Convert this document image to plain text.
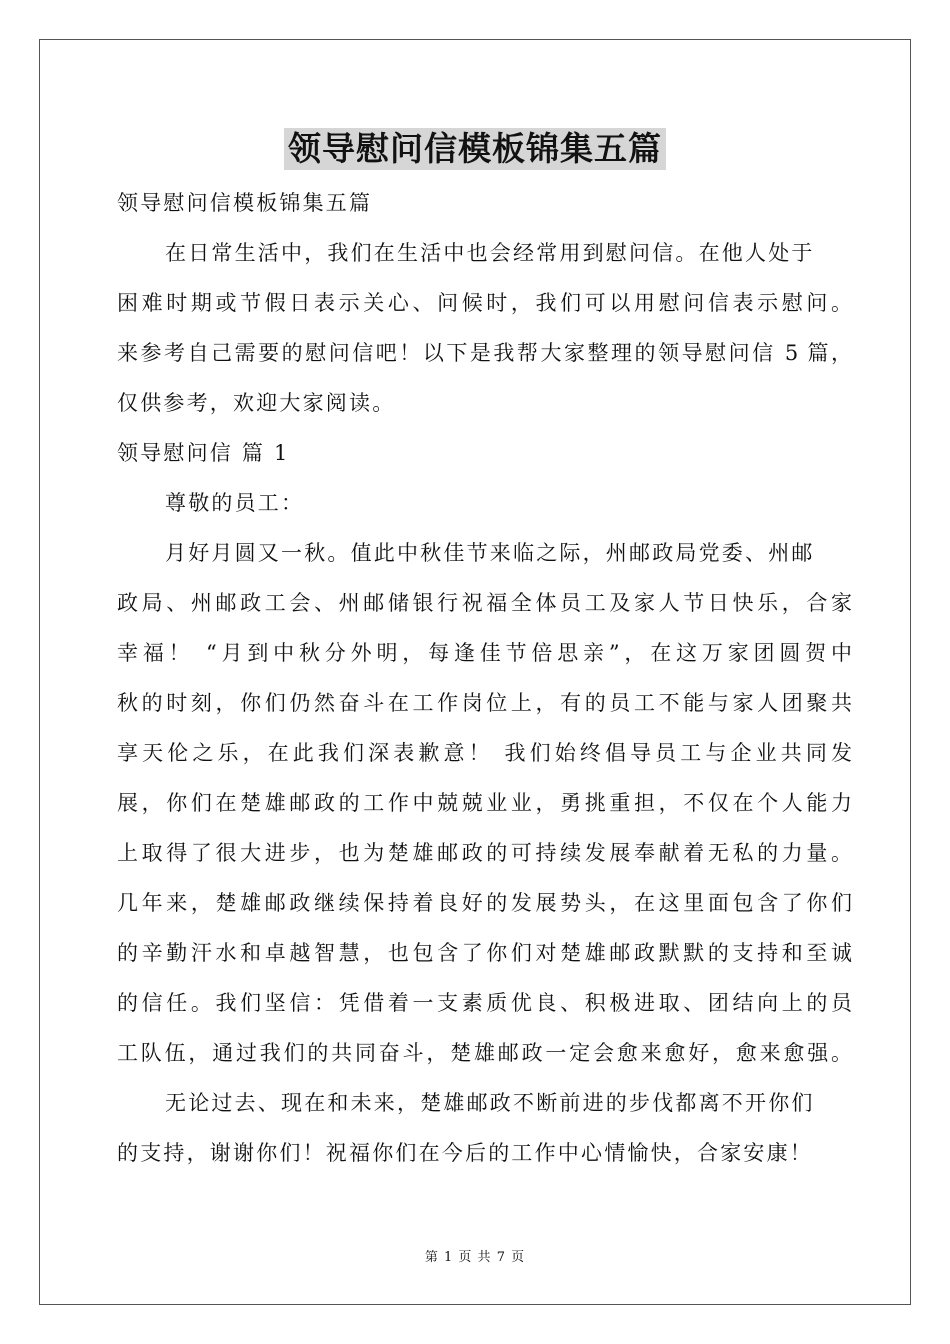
领导慰问信模板锦集五篇
领导慰问信模板锦集五篇
在日常生活中，我们在生活中也会经常用到慰问信。在他人处于
困难时期或节假日表示关心、问候时，我们可以用慰问信表示慰问。
来参考自己需要的慰问信吧！以下是我帮大家整理的领导慰问信 5 篇，
仅供参考，欢迎大家阅读。
领导慰问信 篇 1
尊敬的员工：
月好月圆又一秋。值此中秋佳节来临之际，州邮政局党委、州邮
政局、州邮政工会、州邮储银行祝福全体员工及家人节日快乐，合家
幸福！ “月到中秋分外明，每逢佳节倍思亲”，在这万家团圆贺中
秋的时刻，你们仍然奋斗在工作岗位上，有的员工不能与家人团聚共
享天伦之乐，在此我们深表歉意！ 我们始终倡导员工与企业共同发
展，你们在楚雄邮政的工作中兢兢业业，勇挑重担，不仅在个人能力
上取得了很大进步，也为楚雄邮政的可持续发展奉献着无私的力量。
几年来，楚雄邮政继续保持着良好的发展势头，在这里面包含了你们
的辛勤汗水和卓越智慧，也包含了你们对楚雄邮政默默的支持和至诚
的信任。我们坚信：凭借着一支素质优良、积极进取、团结向上的员
工队伍，通过我们的共同奋斗，楚雄邮政一定会愈来愈好，愈来愈强。
无论过去、现在和未来，楚雄邮政不断前进的步伐都离不开你们
的支持，谢谢你们！祝福你们在今后的工作中心情愉快，合家安康！
第 1 页 共 7 页
